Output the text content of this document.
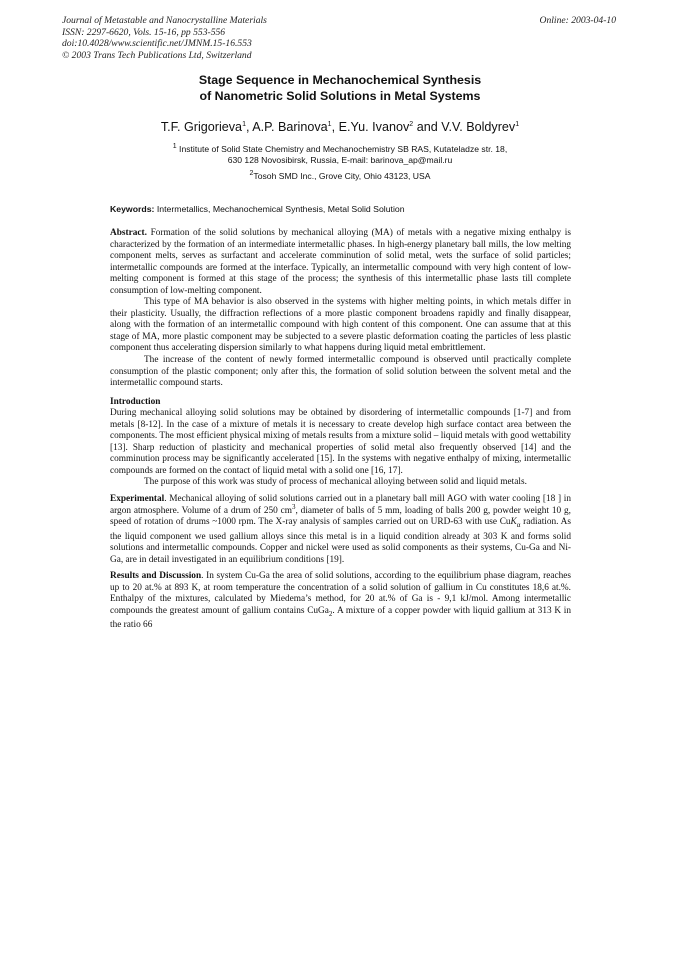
Journal of Metastable and Nanocrystalline Materials
ISSN: 2297-6620, Vols. 15-16, pp 553-556
doi:10.4028/www.scientific.net/JMNM.15-16.553
© 2003 Trans Tech Publications Ltd, Switzerland
Online: 2003-04-10
Stage Sequence in Mechanochemical Synthesis
of Nanometric Solid Solutions in Metal Systems
T.F. Grigorieva$^1$, A.P. Barinova$^1$, E.Yu. Ivanov$^2$ and V.V. Boldyrev$^1$
$^1$ Institute of Solid State Chemistry and Mechanochemistry SB RAS, Kutateladze str. 18,
630 128 Novosibirsk, Russia, E-mail: barinova_ap@mail.ru
$^2$Tosoh SMD Inc., Grove City, Ohio 43123, USA
Keywords: Intermetallics, Mechanochemical Synthesis, Metal Solid Solution

Abstract. Formation of the solid solutions by mechanical alloying (MA) of metals with a negative mixing enthalpy is characterized by the formation of an intermediate intermetallic phases. In high-energy planetary ball mills, the low melting component melts, serves as surfactant and accelerate comminution of solid metal, wets the surface of solid particles; intermetallic compounds are formed at the interface. Typically, an intermetallic compound with very high content of low-melting component is formed at this stage of the process; the synthesis of this intermetallic phase lasts till complete consumption of low-melting component.

This type of MA behavior is also observed in the systems with higher melting points, in which metals differ in their plasticity. Usually, the diffraction reflections of a more plastic component broadens rapidly and finally disappear, along with the formation of an intermetallic compound with high content of this component. One can assume that at this stage of MA, more plastic component may be subjected to a severe plastic deformation coating the particles of less plastic component thus accelerating dispersion similarly to what happens during liquid metal embrittlement.

The increase of the content of newly formed intermetallic compound is observed until practically complete consumption of the plastic component; only after this, the formation of solid solution between the solvent metal and the intermetallic compound starts.

Introduction

During mechanical alloying solid solutions may be obtained by disordering of intermetallic compounds [1-7] and from metals [8-12]. In the case of a mixture of metals it is necessary to create develop high surface contact area between the components. The most efficient physical mixing of metals results from a mixture solid – liquid metals with good wettability [13]. Sharp reduction of plasticity and mechanical properties of solid metal also frequently observed [14] and the comminution process may be significantly accelerated [15]. In the systems with negative enthalpy of mixing, intermetallic compounds are formed on the contact of liquid metal with a solid one [16, 17].

The purpose of this work was study of process of mechanical alloying between solid and liquid metals.

Experimental. Mechanical alloying of solid solutions carried out in a planetary ball mill AGO with water cooling [18 ] in argon atmosphere. Volume of a drum of 250 $cm^3$, diameter of balls of 5 mm, loading of balls 200 g, powder weight 10 g, speed of rotation of drums ~1000 rpm. The X-ray analysis of samples carried out on URD-63 with use CuK$_\alpha$ radiation. As the liquid component we used gallium alloys since this metal is in a liquid condition already at 303 K and forms solid solutions and intermetallic compounds. Copper and nickel were used as solid components as their systems, Cu-Ga and Ni-Ga, are in detail investigated in an equilibrium conditions [19].

Results and Discussion. In system Cu-Ga the area of solid solutions, according to the equilibrium phase diagram, reaches up to 20 at.% at 893 K, at room temperature the concentration of a solid solution of gallium in Cu constitutes 18,6 at.%. Enthalpy of the mixtures, calculated by Miedema’s method, for 20 at.% of Ga is - 9,1 kJ/mol. Among intermetallic compounds the greatest amount of gallium contains CuGa$_2$. A mixture of a copper powder with liquid gallium at 313 K in the ratio 66
